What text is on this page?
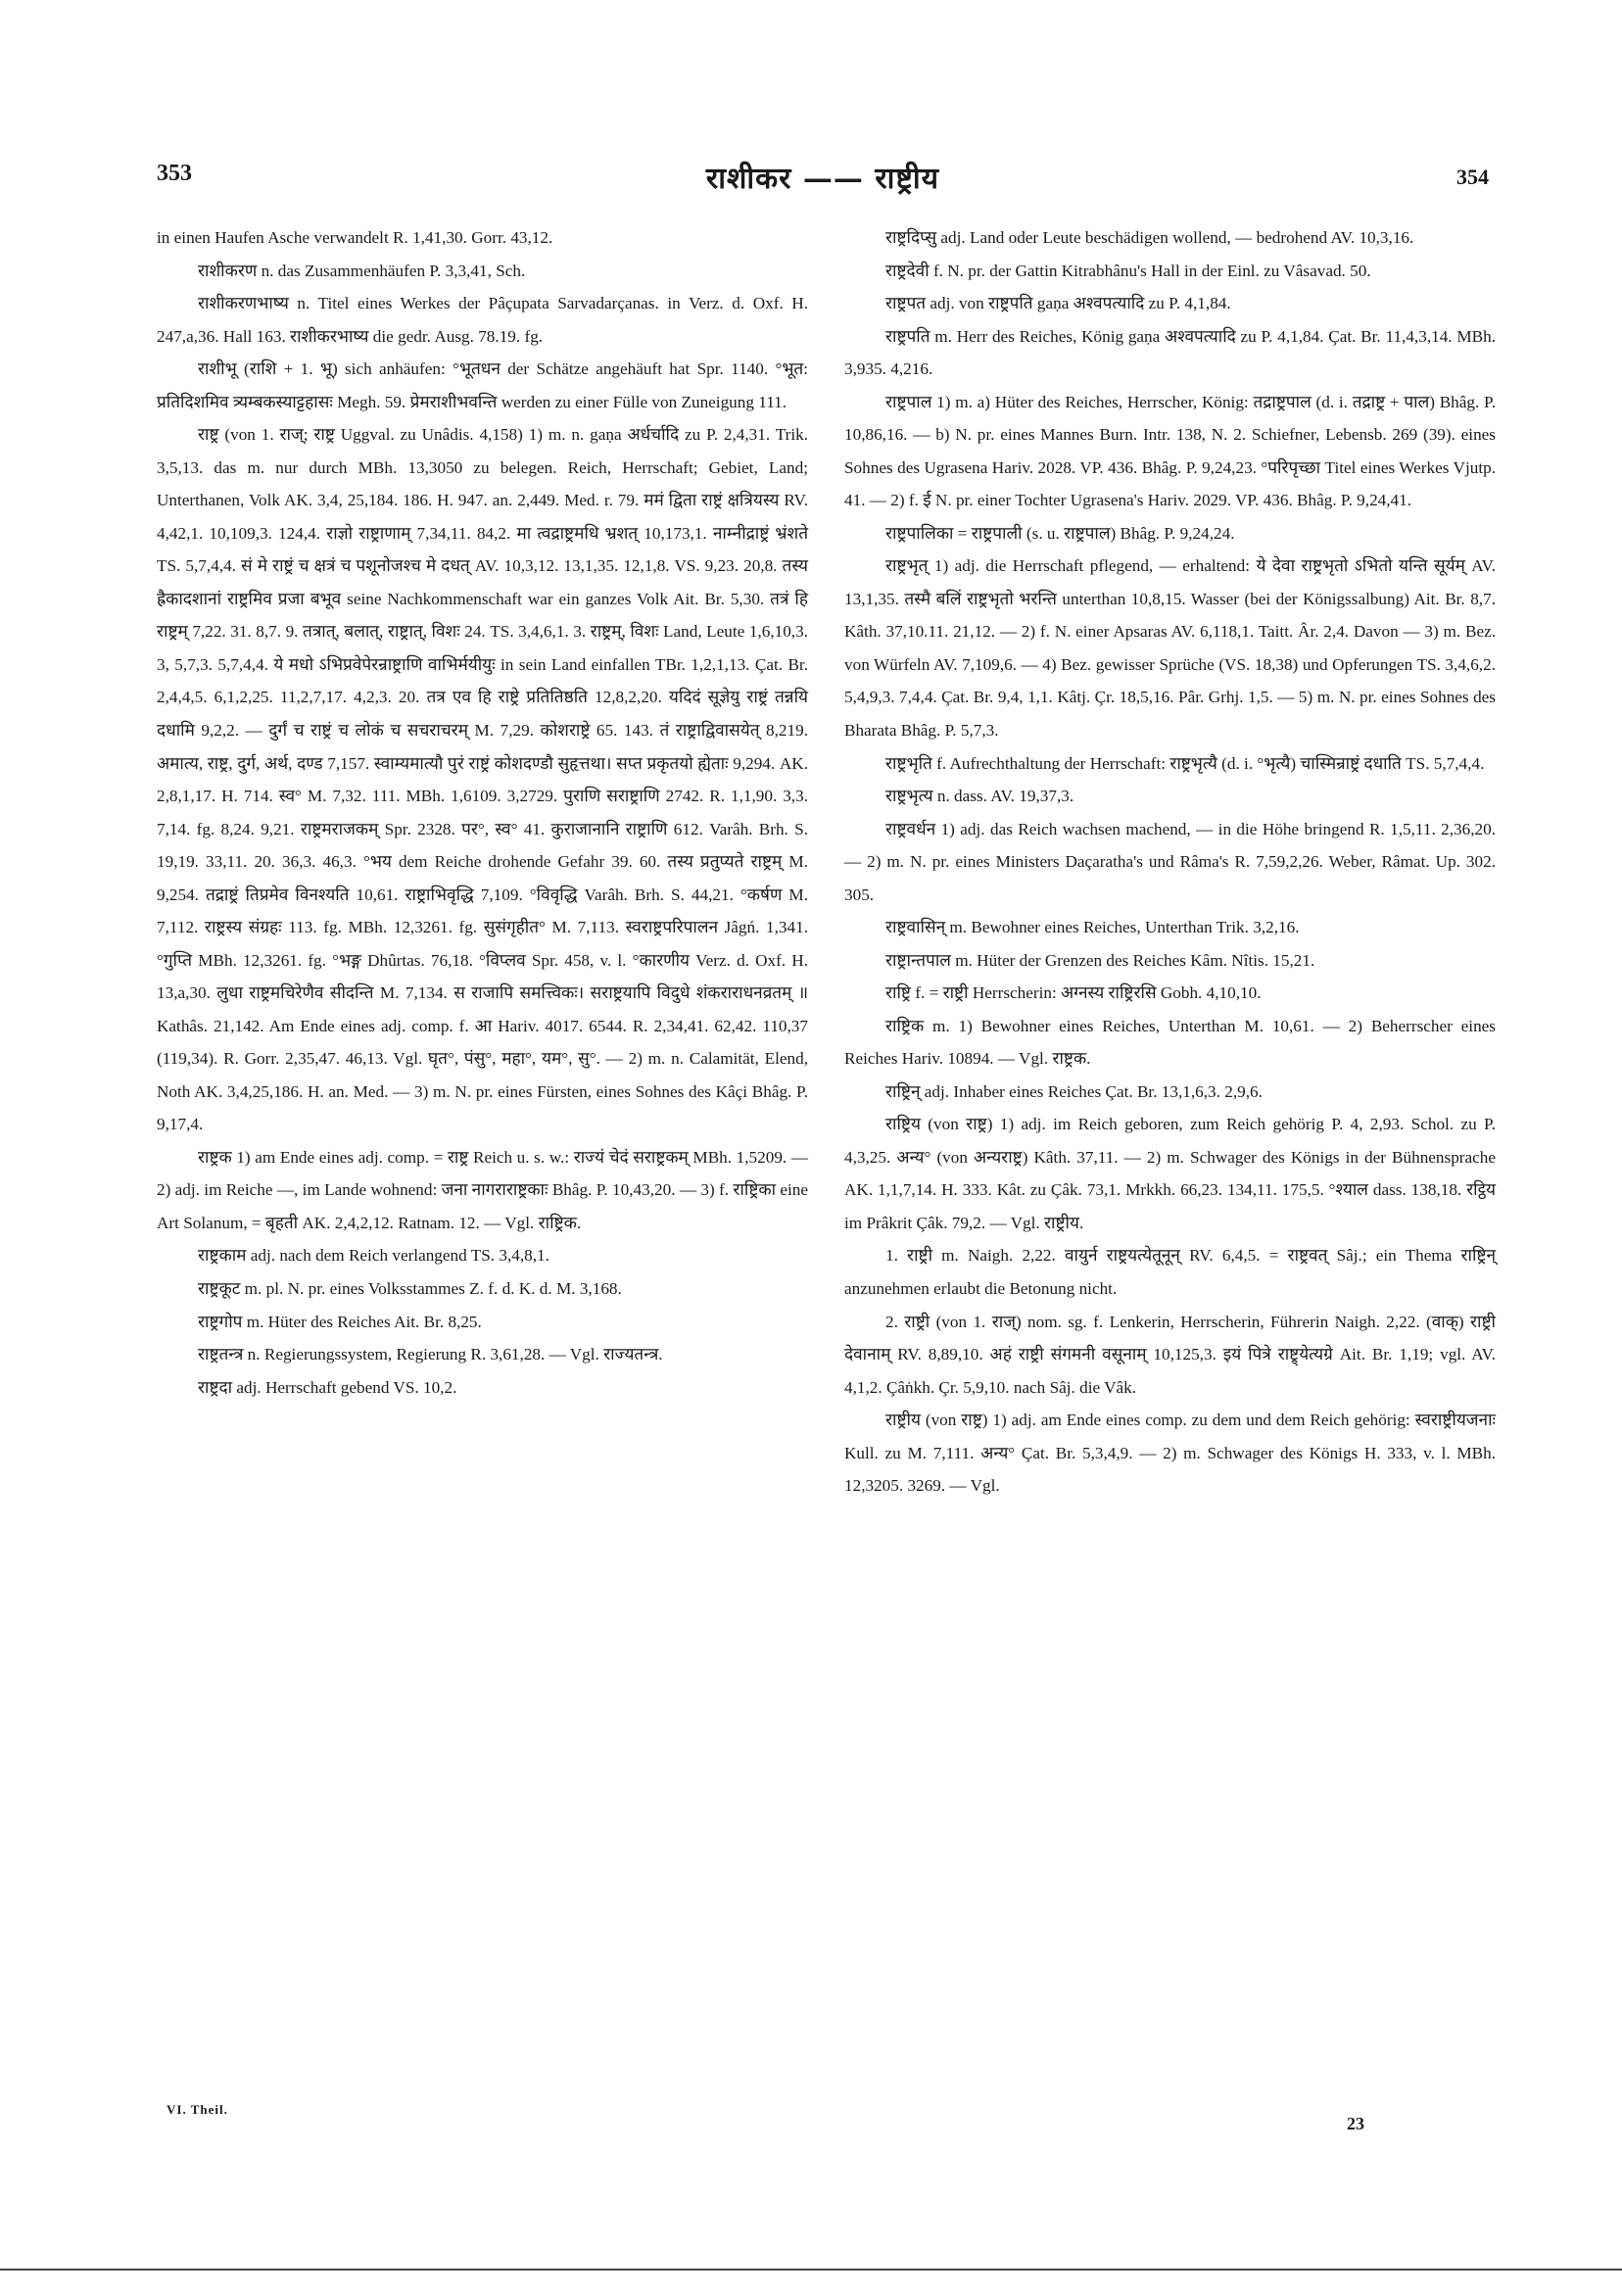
353	राशीकर —— राष्ट्रीय	354

in einen Haufen Asche verwandelt R. 1,41,30. Gorr. 43,12.

राशीकरण n. das Zusammenhäufen P. 3,3,41, Sch.

राशीकरणभाष्य n. Titel eines Werkes der Pâçupata Sarvadarçanas. in Verz. d. Oxf. H. 247,a,36. Hall 163. राशीकरभाष्य die gedr. Ausg. 78.19. fg.

राशीभू (राशि + 1. भू) sich anhäufen: °भूतधन der Schätze angehäuft hat Spr. 1140. °भूत: प्रतिदिशमिव त्र्यम्बकस्याट्टहासः Megh. 59. प्रेमराशीभवन्ति werden zu einer Fülle von Zuneigung 111.

राष्ट्र (von 1. राज्; राष्ट्र Uggval. zu Unâdis. 4,158) 1) m. n. gaṇa अर्धर्चादि zu P. 2,4,31. Trik. 3,5,13. das m. nur durch MBh. 13,3050 zu belegen. Reich, Herrschaft; Gebiet, Land; Unterthanen, Volk AK. 3,4, 25,184. 186. H. 947. an. 2,449. Med. r. 79. ममं द्विता राष्ट्रं क्षत्रियस्य RV. 4,42,1. 10,109,3. 124,4. राज्ञो राष्ट्राणाम् 7,34,11. 84,2. मा त्वद्राष्ट्रमधि भ्रशत् 10,173,1. नाम्नीद्राष्ट्रं भ्रंशते TS. 5,7,4,4. सं मे राष्ट्रं च क्षत्रं च पशूनोजश्च मे दधत् AV. 10,3,12. 13,1,35. 12,1,8. VS. 9,23. 20,8. तस्य ह्रैकादशानां राष्ट्रमिव प्रजा बभूव seine Nachkommenschaft war ein ganzes Volk Ait. Br. 5,30. तत्रं हि राष्ट्रम् 7,22. 31. 8,7. 9. तत्रात्, बलात्, राष्ट्रात्, विशः 24. TS. 3,4,6,1. 3. राष्ट्रम्, विशः Land, Leute 1,6,10,3. 3, 5,7,3. 5,7,4,4. ये मधो ऽभिप्रवेपेरन्राष्ट्राणि वाभिर्मयीयुः in sein Land einfallen TBr. 1,2,1,13. Çat. Br. 2,4,4,5. 6,1,2,25. 11,2,7,17. 4,2,3. 20. तत्र एव हि राष्ट्रे प्रतितिष्ठति 12,8,2,20. यदिदं सूज्ञेयु राष्ट्रं तन्नयि दधामि 9,2,2. — दुर्गं च राष्ट्रं च लोकं च सचराचरम् M. 7,29. कोशराष्ट्रे 65. 143. तं राष्ट्राद्विवासयेत् 8,219. अमात्य, राष्ट्र, दुर्ग, अर्थ, दण्ड 7,157. स्वाम्यमात्यौ पुरं राष्ट्रं कोशदण्डौ सुहृत्तथा। सप्त प्रकृतयो ह्येताः 9,294. AK. 2,8,1,17. H. 714. स्व° M. 7,32. 111. MBh. 1,6109. 3,2729. पुराणि सराष्ट्राणि 2742. R. 1,1,90. 3,3. 7,14. fg. 8,24. 9,21. राष्ट्रमराजकम् Spr. 2328. पर°, स्व° 41. कुराजानानि राष्ट्राणि 612. Varâh. Brh. S. 19,19. 33,11. 20. 36,3. 46,3. °भय dem Reiche drohende Gefahr 39. 60. तस्य प्रतुप्यते राष्ट्रम् M. 9,254. तद्राष्ट्रं तिप्रमेव विनश्यति 10,61. राष्ट्राभिवृद्धि 7,109. °विवृद्धि Varâh. Brh. S. 44,21. °कर्षण M. 7,112. राष्ट्रस्य संग्रहः 113. fg. MBh. 12,3261. fg. सुसंगृहीत° M. 7,113. स्वराष्ट्रपरिपालन Jâgń. 1,341. °गुप्ति MBh. 12,3261. fg. °भङ्ग Dhûrtas. 76,18. °विप्लव Spr. 458, v. l. °कारणीय Verz. d. Oxf. H. 13,a,30. लुधा राष्ट्रमचिरेणैव सीदन्ति M. 7,134. स राजापि समत्त्विकः। सराष्ट्रयापि विदुधे शंकराराधनव्रतम् ॥ Kathâs. 21,142. Am Ende eines adj. comp. f. आ Hariv. 4017. 6544. R. 2,34,41. 62,42. 110,37 (119,34). R. Gorr. 2,35,47. 46,13. Vgl. घृत°, पंसु°, महा°, यम°, सु°. — 2) m. n. Calamität, Elend, Noth AK. 3,4,25,186. H. an. Med. — 3) m. N. pr. eines Fürsten, eines Sohnes des Kâçi Bhâg. P. 9,17,4.

राष्ट्रक 1) am Ende eines adj. comp. = राष्ट्र Reich u. s. w.: राज्यं चेदं सराष्ट्रकम् MBh. 1,5209. — 2) adj. im Reiche —, im Lande wohnend: जना नागराराष्ट्रकाः Bhâg. P. 10,43,20. — 3) f. राष्ट्रिका eine Art Solanum, = बृहती AK. 2,4,2,12. Ratnam. 12. — Vgl. राष्ट्रिक.

राष्ट्रकाम adj. nach dem Reich verlangend TS. 3,4,8,1.

राष्ट्रकूट m. pl. N. pr. eines Volksstammes Z. f. d. K. d. M. 3,168.

राष्ट्रगोप m. Hüter des Reiches Ait. Br. 8,25.

राष्ट्रतन्त्र n. Regierungssystem, Regierung R. 3,61,28. — Vgl. राज्यतन्त्र.

राष्ट्रदा adj. Herrschaft gebend VS. 10,2.

राष्ट्रदिप्सु adj. Land oder Leute beschädigen wollend, — bedrohend AV. 10,3,16.

राष्ट्रदेवी f. N. pr. der Gattin Kitrabhânu's Hall in der Einl. zu Vâsavad. 50.

राष्ट्रपत adj. von राष्ट्रपति gaṇa अश्वपत्यादि zu P. 4,1,84.

राष्ट्रपति m. Herr des Reiches, König gaṇa अश्वपत्यादि zu P. 4,1,84. Çat. Br. 11,4,3,14. MBh. 3,935. 4,216.

राष्ट्रपाल 1) m. a) Hüter des Reiches, Herrscher, König: तद्राष्ट्रपाल (d. i. तद्राष्ट्र + पाल) Bhâg. P. 10,86,16. — b) N. pr. eines Mannes Burn. Intr. 138, N. 2. Schiefner, Lebensb. 269 (39). eines Sohnes des Ugrasena Hariv. 2028. VP. 436. Bhâg. P. 9,24,23. °परिपृच्छा Titel eines Werkes Vjutp. 41. — 2) f. ई N. pr. einer Tochter Ugrasena's Hariv. 2029. VP. 436. Bhâg. P. 9,24,41.

राष्ट्रपालिका = राष्ट्रपाली (s. u. राष्ट्रपाल) Bhâg. P. 9,24,24.

राष्ट्रभृत् 1) adj. die Herrschaft pflegend, — erhaltend: ये देवा राष्ट्रभृतो ऽभितो यन्ति सूर्यम् AV. 13,1,35. तस्मै बलिं राष्ट्रभृतो भरन्ति unterthan 10,8,15. Wasser (bei der Königssalbung) Ait. Br. 8,7. Kâth. 37,10.11. 21,12. — 2) f. N. einer Apsaras AV. 6,118,1. Taitt. Âr. 2,4. Davon — 3) m. Bez. von Würfeln AV. 7,109,6. — 4) Bez. gewisser Sprüche (VS. 18,38) und Opferungen TS. 3,4,6,2. 5,4,9,3. 7,4,4. Çat. Br. 9,4, 1,1. Kâtj. Çr. 18,5,16. Pâr. Grhj. 1,5. — 5) m. N. pr. eines Sohnes des Bharata Bhâg. P. 5,7,3.

राष्ट्रभृति f. Aufrechthaltung der Herrschaft: राष्ट्रभृत्यै (d. i. °भृत्यै) चास्मिन्राष्ट्रं दधाति TS. 5,7,4,4.

राष्ट्रभृत्य n. dass. AV. 19,37,3.

राष्ट्रवर्धन 1) adj. das Reich wachsen machend, — in die Höhe bringend R. 1,5,11. 2,36,20. — 2) m. N. pr. eines Ministers Daçaratha's und Râma's R. 7,59,2,26. Weber, Râmat. Up. 302. 305.

राष्ट्रवासिन् m. Bewohner eines Reiches, Unterthan Trik. 3,2,16.

राष्ट्रान्तपाल m. Hüter der Grenzen des Reiches Kâm. Nîtis. 15,21.

राष्ट्रि f. = राष्ट्री Herrscherin: अग्नस्य राष्ट्रिरसि Gobh. 4,10,10.

राष्ट्रिक m. 1) Bewohner eines Reiches, Unterthan M. 10,61. — 2) Beherrscher eines Reiches Hariv. 10894. — Vgl. राष्ट्रक.

राष्ट्रिन् adj. Inhaber eines Reiches Çat. Br. 13,1,6,3. 2,9,6.

राष्ट्रिय (von राष्ट्र) 1) adj. im Reich geboren, zum Reich gehörig P. 4, 2,93. Schol. zu P. 4,3,25. अन्य° (von अन्यराष्ट्र) Kâth. 37,11. — 2) m. Schwager des Königs in der Bühnensprache AK. 1,1,7,14. H. 333. Kât. zu Çâk. 73,1. Mrkkh. 66,23. 134,11. 175,5. °श्याल dass. 138,18. रट्ठिय im Prâkrit Çâk. 79,2. — Vgl. राष्ट्रीय.

1. राष्ट्री m. Naigh. 2,22. वायुर्न राष्ट्रयत्येतूनून् RV. 6,4,5. = राष्ट्रवत् Sâj.; ein Thema राष्ट्रिन् anzunehmen erlaubt die Betonung nicht.

2. राष्ट्री (von 1. राज्) nom. sg. f. Lenkerin, Herrscherin, Führerin Naigh. 2,22. (वाक्) राष्ट्री देवानाम् RV. 8,89,10. अहं राष्ट्री संगमनी वसूनाम् 10,125,3. इयं पित्रे राष्ट्र्येत्यग्रे Ait. Br. 1,19; vgl. AV. 4,1,2. Çâṅkh. Çr. 5,9,10. nach Sâj. die Vâk.

राष्ट्रीय (von राष्ट्र) 1) adj. am Ende eines comp. zu dem und dem Reich gehörig: स्वराष्ट्रीयजनाः Kull. zu M. 7,111. अन्य° Çat. Br. 5,3,4,9. — 2) m. Schwager des Königs H. 333, v. l. MBh. 12,3205. 3269. — Vgl.

VI. Theil.
23
